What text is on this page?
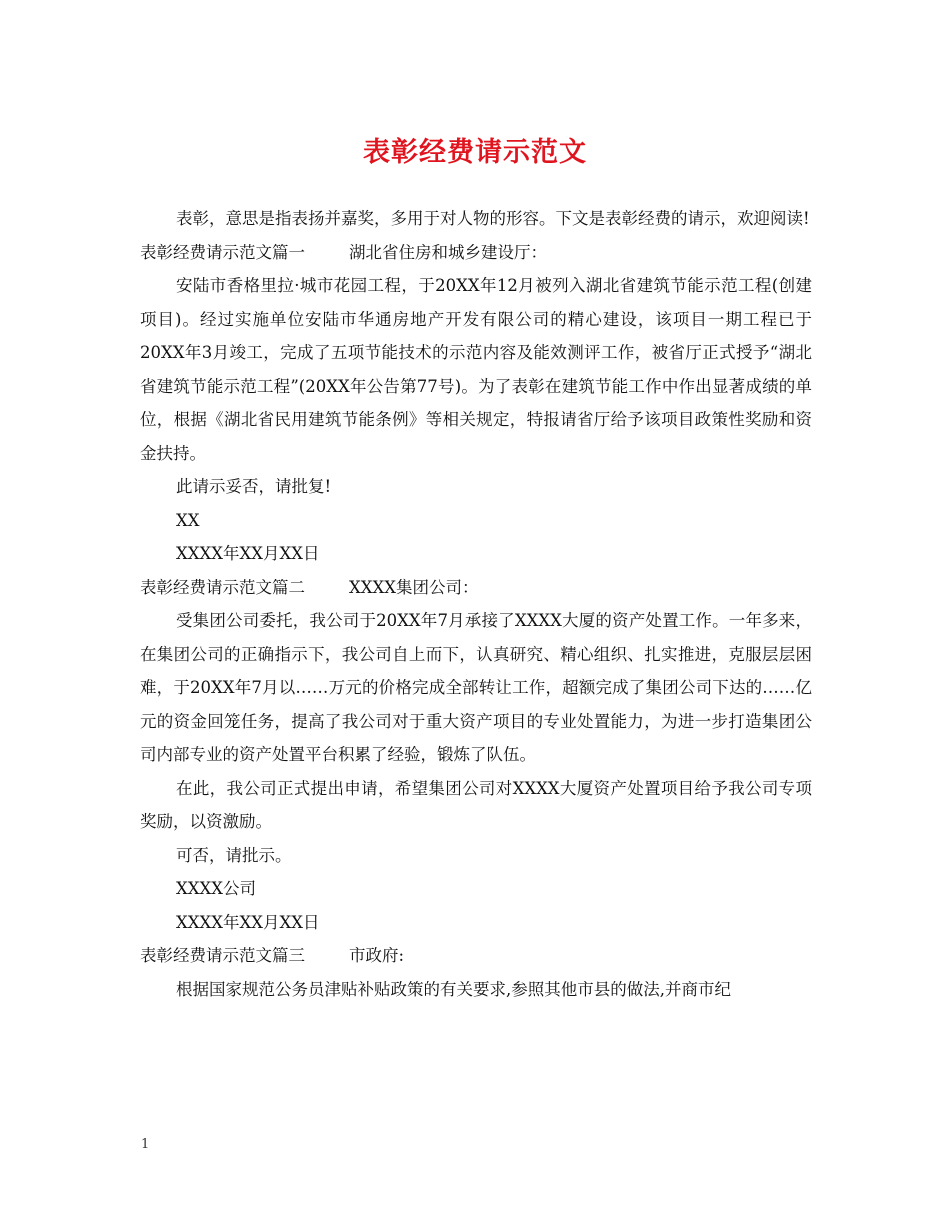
表彰经费请示范文

表彰，意思是指表扬并嘉奖，多用于对人物的形容。下文是表彰经费的请示，欢迎阅读!

表彰经费请示范文篇一	湖北省住房和城乡建设厅：

安陆市香格里拉·城市花园工程，于20XX年12月被列入湖北省建筑节能示范工程(创建项目)。经过实施单位安陆市华通房地产开发有限公司的精心建设，该项目一期工程已于20XX年3月竣工，完成了五项节能技术的示范内容及能效测评工作，被省厅正式授予“湖北省建筑节能示范工程”(20XX年公告第77号)。为了表彰在建筑节能工作中作出显著成绩的单位，根据《湖北省民用建筑节能条例》等相关规定，特报请省厅给予该项目政策性奖励和资金扶持。

此请示妥否，请批复!

XX

XXXX年XX月XX日

表彰经费请示范文篇二	XXXX集团公司：

受集团公司委托，我公司于20XX年7月承接了XXXX大厦的资产处置工作。一年多来，在集团公司的正确指示下，我公司自上而下，认真研究、精心组织、扎实推进，克服层层困难，于20XX年7月以……万元的价格完成全部转让工作，超额完成了集团公司下达的……亿元的资金回笼任务，提高了我公司对于重大资产项目的专业处置能力，为进一步打造集团公司内部专业的资产处置平台积累了经验，锻炼了队伍。

在此，我公司正式提出申请，希望集团公司对XXXX大厦资产处置项目给予我公司专项奖励，以资激励。

可否，请批示。

XXXX公司

XXXX年XX月XX日

表彰经费请示范文篇三	市政府:

根据国家规范公务员津贴补贴政策的有关要求,参照其他市县的做法,并商市纪

1
